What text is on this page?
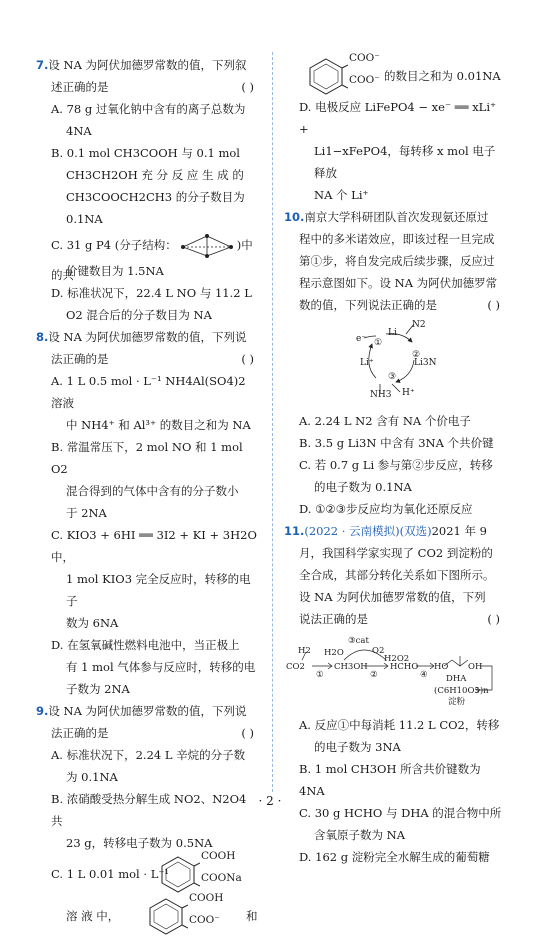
7.设 NA 为阿伏加德罗常数的值，下列叙
述正确的是	( )
A. 78 g 过氧化钠中含有的离子总数为
4NA
B. 0.1 mol CH3COOH 与 0.1 mol
CH3CH2OH 充 分 反 应 生 成 的
CH3COOCH2CH3 的分子数目为 0.1NA
C. 31 g P4 (分子结构：	)中的共
价键数目为 1.5NA
D. 标准状况下，22.4 L NO 与 11.2 L
O2 混合后的分子数目为 NA
8.设 NA 为阿伏加德罗常数的值，下列说
法正确的是	( )
A. 1 L 0.5 mol · L⁻¹ NH4Al(SO4)2 溶液
中 NH4⁺ 和 Al³⁺ 的数目之和为 NA
B. 常温常压下，2 mol NO 和 1 mol O2
混合得到的气体中含有的分子数小
于 2NA
C. KIO3 + 6HI ══ 3I2 + KI + 3H2O 中，
1 mol KIO3 完全反应时，转移的电子
数为 6NA
D. 在氢氧碱性燃料电池中，当正极上
有 1 mol 气体参与反应时，转移的电
子数为 2NA
9.设 NA 为阿伏加德罗常数的值，下列说
法正确的是	( )
A. 标准状况下，2.24 L 辛烷的分子数
为 0.1NA
B. 浓硝酸受热分解生成 NO2、N2O4 共
23 g，转移电子数为 0.5NA
C. 1 L 0.01 mol · L⁻¹
COOH
COONa
溶 液 中，
COOH
COO⁻ 和
COO⁻
COO⁻ 的数目之和为 0.01NA
D. 电极反应 LiFePO4 − xe⁻ ══ xLi⁺ +
Li1−xFePO4，每转移 x mol 电子释放
NA 个 Li⁺
10.南京大学科研团队首次发现氨还原过
程中的多米诺效应，即该过程一旦完成
第①步，将自发完成后续步骤，反应过
程示意图如下。设 NA 为阿伏加德罗常
数的值，下列说法正确的是	( )
N2
Li
e⁻ ①
②
Li⁺	Li3N
③
NH3 H⁺
A. 2.24 L N2 含有 NA 个价电子
B. 3.5 g Li3N 中含有 3NA 个共价键
C. 若 0.7 g Li 参与第②步反应，转移
的电子数为 0.1NA
D. ①②③步反应均为氧化还原反应
11.(2022 · 云南模拟)(双选)2021 年 9
月，我国科学家实现了 CO2 到淀粉的
全合成，其部分转化关系如下图所示。
设 NA 为阿伏加德罗常数的值，下列
说法正确的是	( )
H2 H2O
③cat
O2
H2O2
CO2
①
CH3OH
②
HCHO
④
HO OH
DHA
(C6H10O5)n
淀粉
A. 反应①中每消耗 11.2 L CO2，转移
的电子数为 3NA
B. 1 mol CH3OH 所含共价键数为 4NA
C. 30 g HCHO 与 DHA 的混合物中所
含氧原子数为 NA
D. 162 g 淀粉完全水解生成的葡萄糖
· 2 ·
